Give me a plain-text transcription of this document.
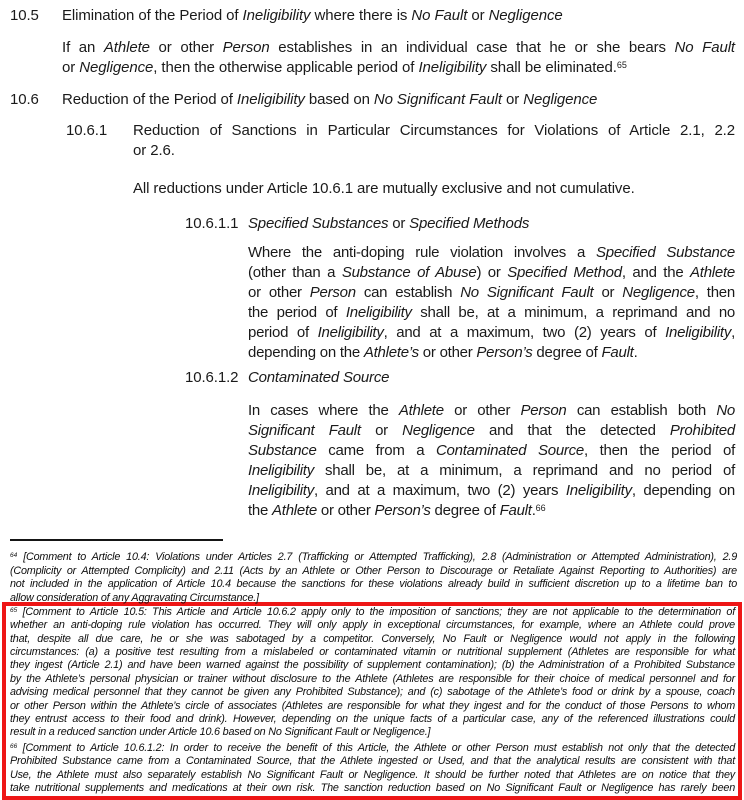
10.5 Elimination of the Period of Ineligibility where there is No Fault or Negligence
If an Athlete or other Person establishes in an individual case that he or she bears No Fault
or Negligence, then the otherwise applicable period of Ineligibility shall be eliminated.$^{65}$
10.6 Reduction of the Period of Ineligibility based on No Significant Fault or Negligence
10.6.1 Reduction of Sanctions in Particular Circumstances for Violations of Article 2.1, 2.2
or 2.6.
All reductions under Article 10.6.1 are mutually exclusive and not cumulative.
10.6.1.1 Specified Substances or Specified Methods
Where the anti-doping rule violation involves a Specified Substance
(other than a Substance of Abuse) or Specified Method, and the Athlete
or other Person can establish No Significant Fault or Negligence, then
the period of Ineligibility shall be, at a minimum, a reprimand and no
period of Ineligibility, and at a maximum, two (2) years of Ineligibility,
depending on the Athlete’s or other Person’s degree of Fault.
10.6.1.2 Contaminated Source
In cases where the Athlete or other Person can establish both No
Significant Fault or Negligence and that the detected Prohibited
Substance came from a Contaminated Source, then the period of
Ineligibility shall be, at a minimum, a reprimand and no period of
Ineligibility, and at a maximum, two (2) years Ineligibility, depending on
the Athlete or other Person’s degree of Fault.$^{66}$
$^{64}$ [Comment to Article 10.4: Violations under Articles 2.7 (Trafficking or Attempted Trafficking), 2.8 (Administration or Attempted Administration), 2.9
(Complicity or Attempted Complicity) and 2.11 (Acts by an Athlete or Other Person to Discourage or Retaliate Against Reporting to Authorities) are
not included in the application of Article 10.4 because the sanctions for these violations already build in sufficient discretion up to a lifetime ban to
allow consideration of any Aggravating Circumstance.]
$^{65}$ [Comment to Article 10.5: This Article and Article 10.6.2 apply only to the imposition of sanctions; they are not applicable to the determination of
whether an anti-doping rule violation has occurred. They will only apply in exceptional circumstances, for example, where an Athlete could prove
that, despite all due care, he or she was sabotaged by a competitor. Conversely, No Fault or Negligence would not apply in the following
circumstances: (a) a positive test resulting from a mislabeled or contaminated vitamin or nutritional supplement (Athletes are responsible for what
they ingest (Article 2.1) and have been warned against the possibility of supplement contamination); (b) the Administration of a Prohibited Substance
by the Athlete’s personal physician or trainer without disclosure to the Athlete (Athletes are responsible for their choice of medical personnel and for
advising medical personnel that they cannot be given any Prohibited Substance); and (c) sabotage of the Athlete’s food or drink by a spouse, coach
or other Person within the Athlete’s circle of associates (Athletes are responsible for what they ingest and for the conduct of those Persons to whom
they entrust access to their food and drink). However, depending on the unique facts of a particular case, any of the referenced illustrations could
result in a reduced sanction under Article 10.6 based on No Significant Fault or Negligence.]
$^{66}$ [Comment to Article 10.6.1.2: In order to receive the benefit of this Article, the Athlete or other Person must establish not only that the detected
Prohibited Substance came from a Contaminated Source, that the Athlete ingested or Used, and that the analytical results are consistent with that
Use, the Athlete must also separately establish No Significant Fault or Negligence. It should be further noted that Athletes are on notice that they
take nutritional supplements and medications at their own risk. The sanction reduction based on No Significant Fault or Negligence has rarely been
